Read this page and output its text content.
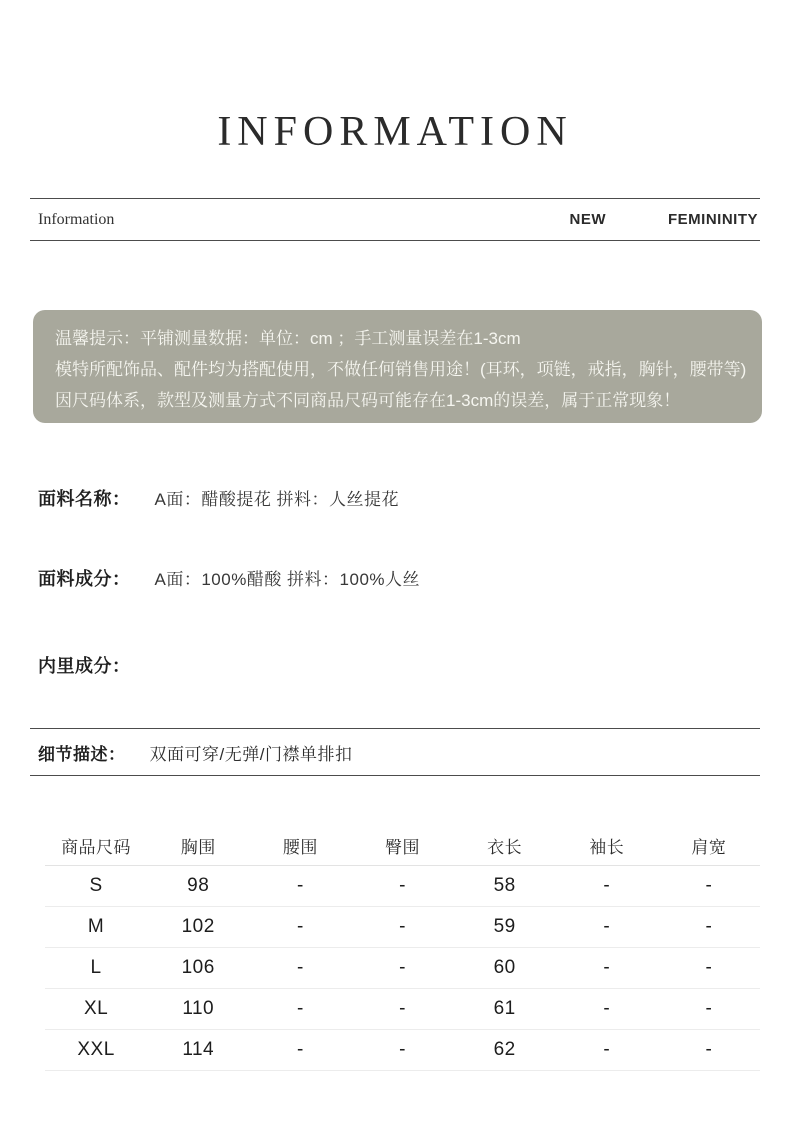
INFORMATION
Information	NEW	FEMININITY
温馨提示：平铺测量数据：单位：cm ；手工测量误差在1-3cm
模特所配饰品、配件均为搭配使用，不做任何销售用途！(耳环，项链，戒指，胸针，腰带等)
因尺码体系，款型及测量方式不同商品尺码可能存在1-3cm的误差，属于正常现象！
面料名称： A面：醋酸提花 拼料：人丝提花
面料成分： A面：100%醋酸 拼料：100%人丝
内里成分：
细节描述： 双面可穿/无弹/门襟单排扣
商品尺码	胸围	腰围	臀围	衣长	袖长	肩宽
S	98	-	-	58	-	-
M	102	-	-	59	-	-
L	106	-	-	60	-	-
XL	110	-	-	61	-	-
XXL	114	-	-	62	-	-
